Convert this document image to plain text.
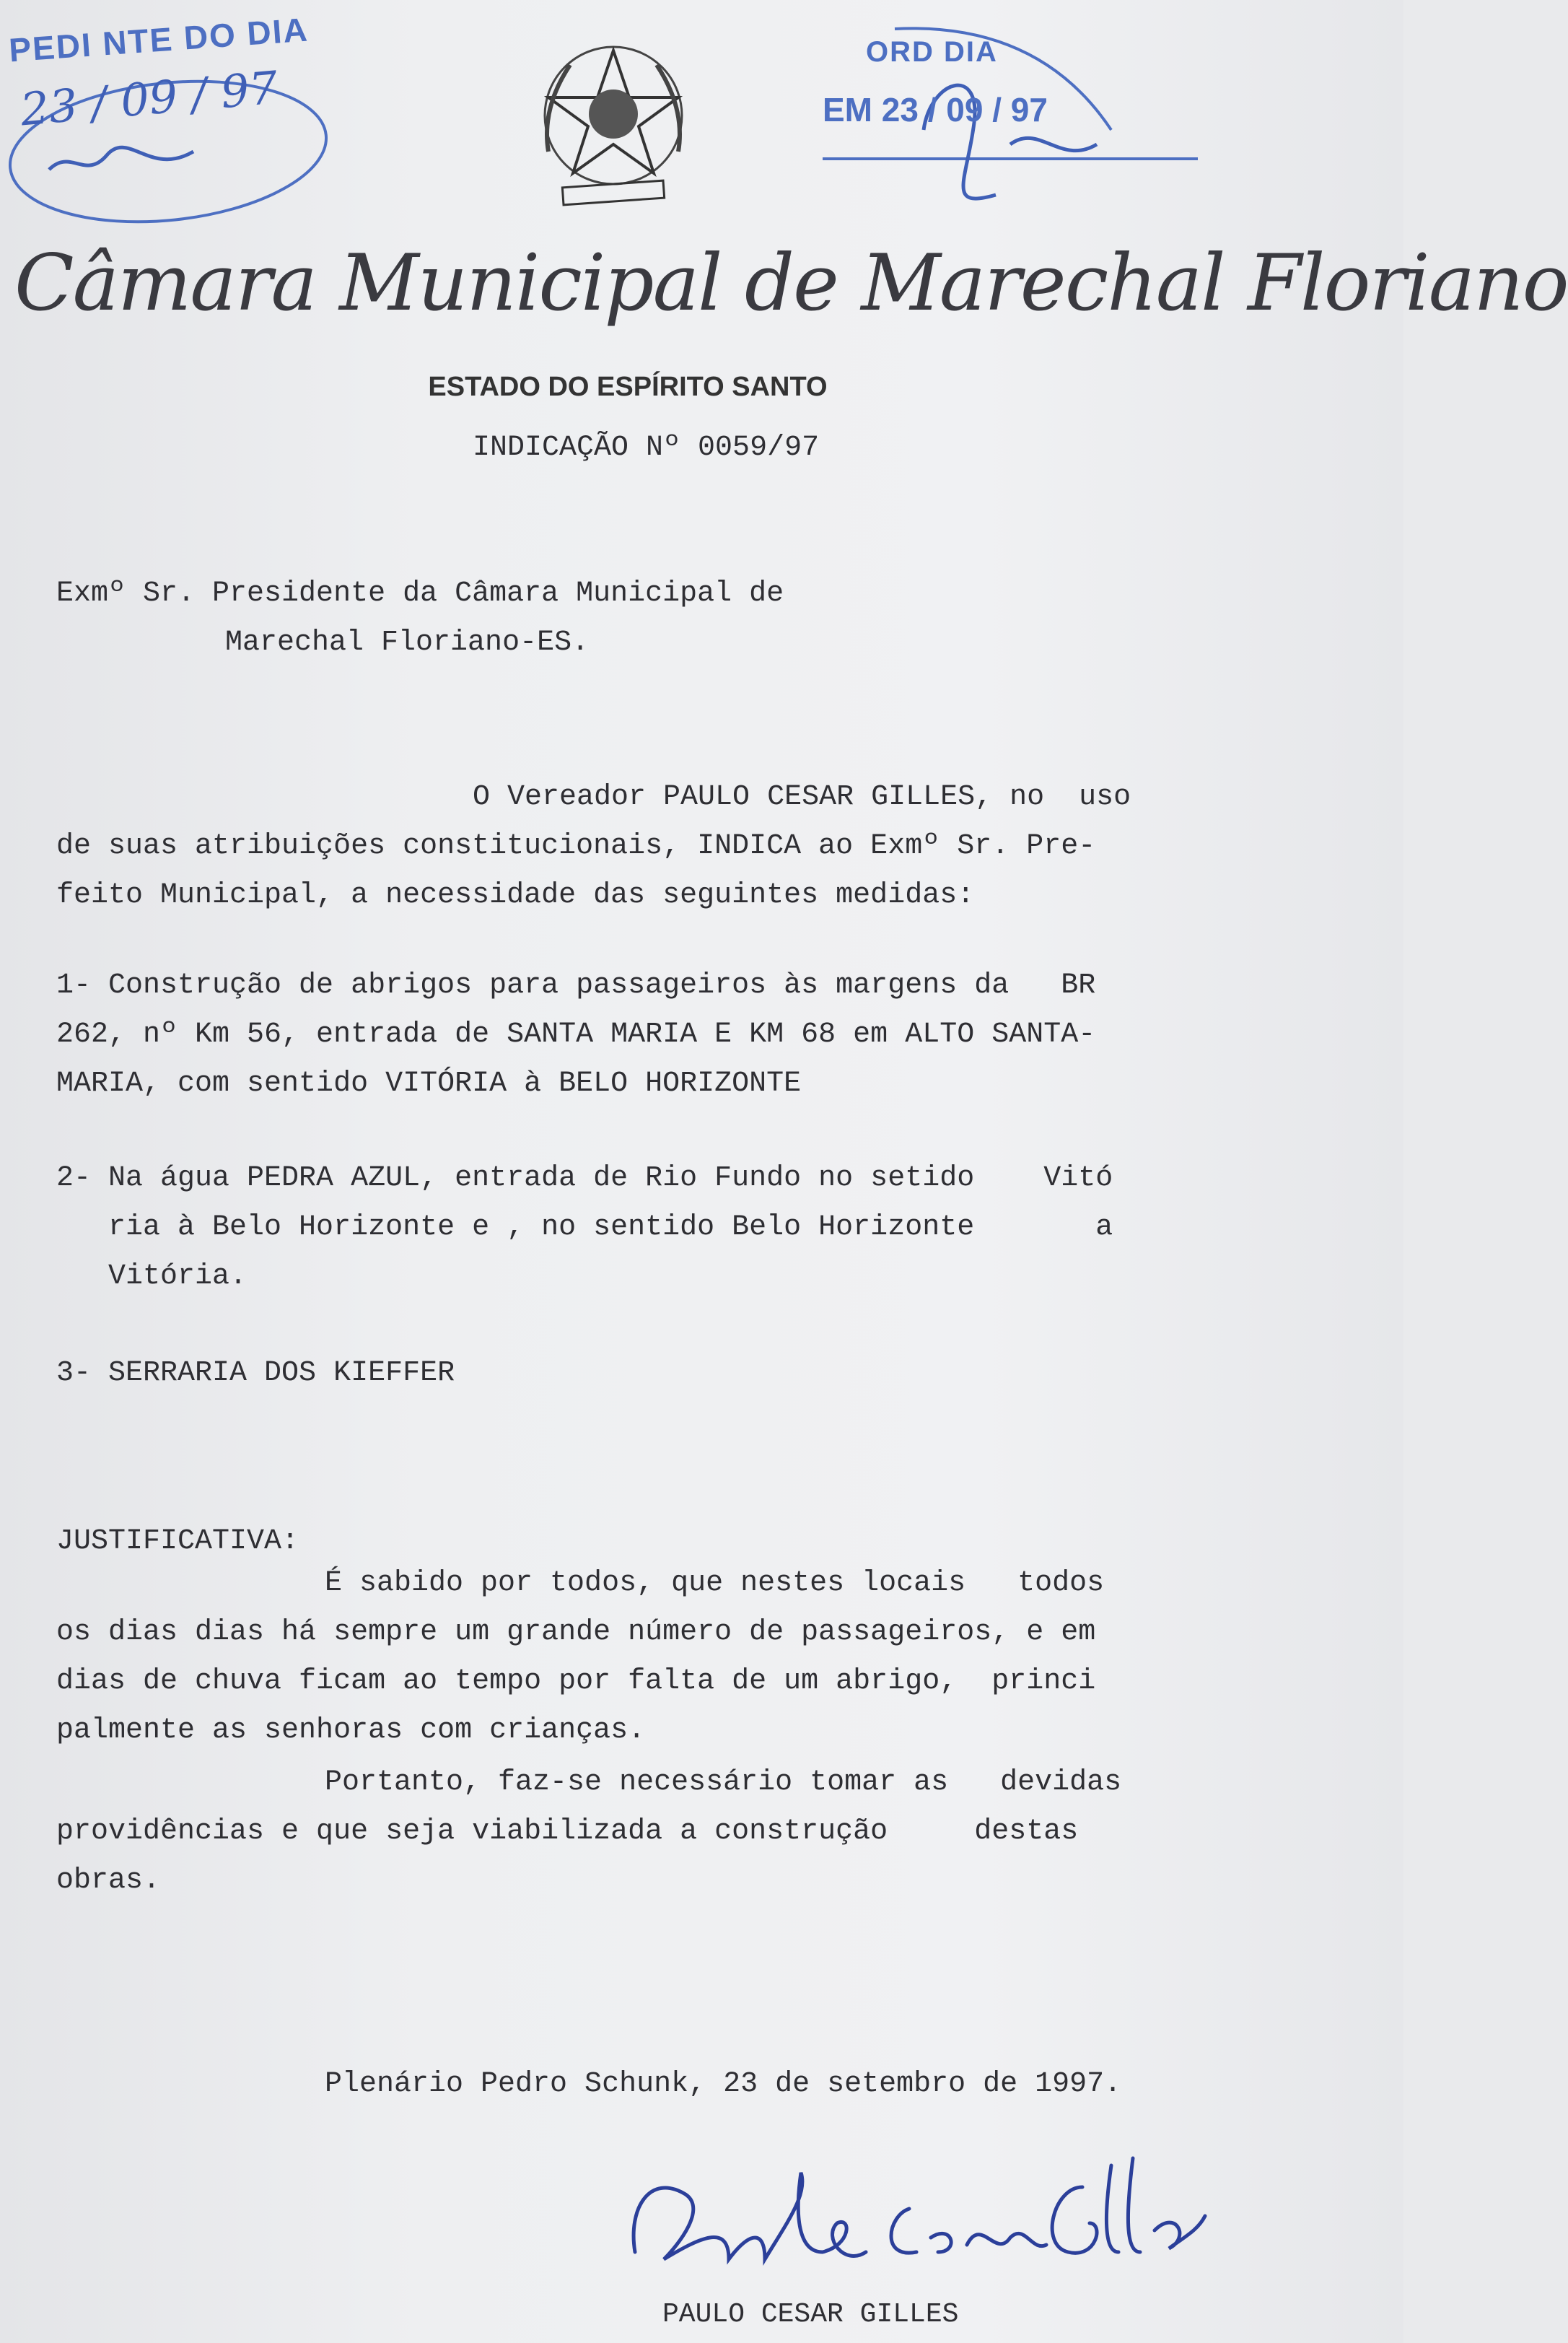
PEDI NTE DO DIA
23 / 09 / 97
ORD DIA
EM 23 / 09 / 97
Câmara Municipal de Marechal Floriano
ESTADO DO ESPÍRITO SANTO
INDICAÇÃO Nº 0059/97
Exmº Sr. Presidente da Câmara Municipal de
Marechal Floriano-ES.
O Vereador PAULO CESAR GILLES, no  uso
de suas atribuições constitucionais, INDICA ao Exmº Sr. Pre-
feito Municipal, a necessidade das seguintes medidas:
1- Construção de abrigos para passageiros às margens da   BR
262, nº Km 56, entrada de SANTA MARIA E KM 68 em ALTO SANTA-
MARIA, com sentido VITÓRIA à BELO HORIZONTE
2- Na água PEDRA AZUL, entrada de Rio Fundo no setido    Vitó
ria à Belo Horizonte e , no sentido Belo Horizonte       a
Vitória.
3- SERRARIA DOS KIEFFER
JUSTIFICATIVA:
É sabido por todos, que nestes locais   todos
os dias dias há sempre um grande número de passageiros, e em
dias de chuva ficam ao tempo por falta de um abrigo,  princi
palmente as senhoras com crianças.
Portanto, faz-se necessário tomar as   devidas
providências e que seja viabilizada a construção     destas
obras.
Plenário Pedro Schunk, 23 de setembro de 1997.
PAULO CESAR GILLES
